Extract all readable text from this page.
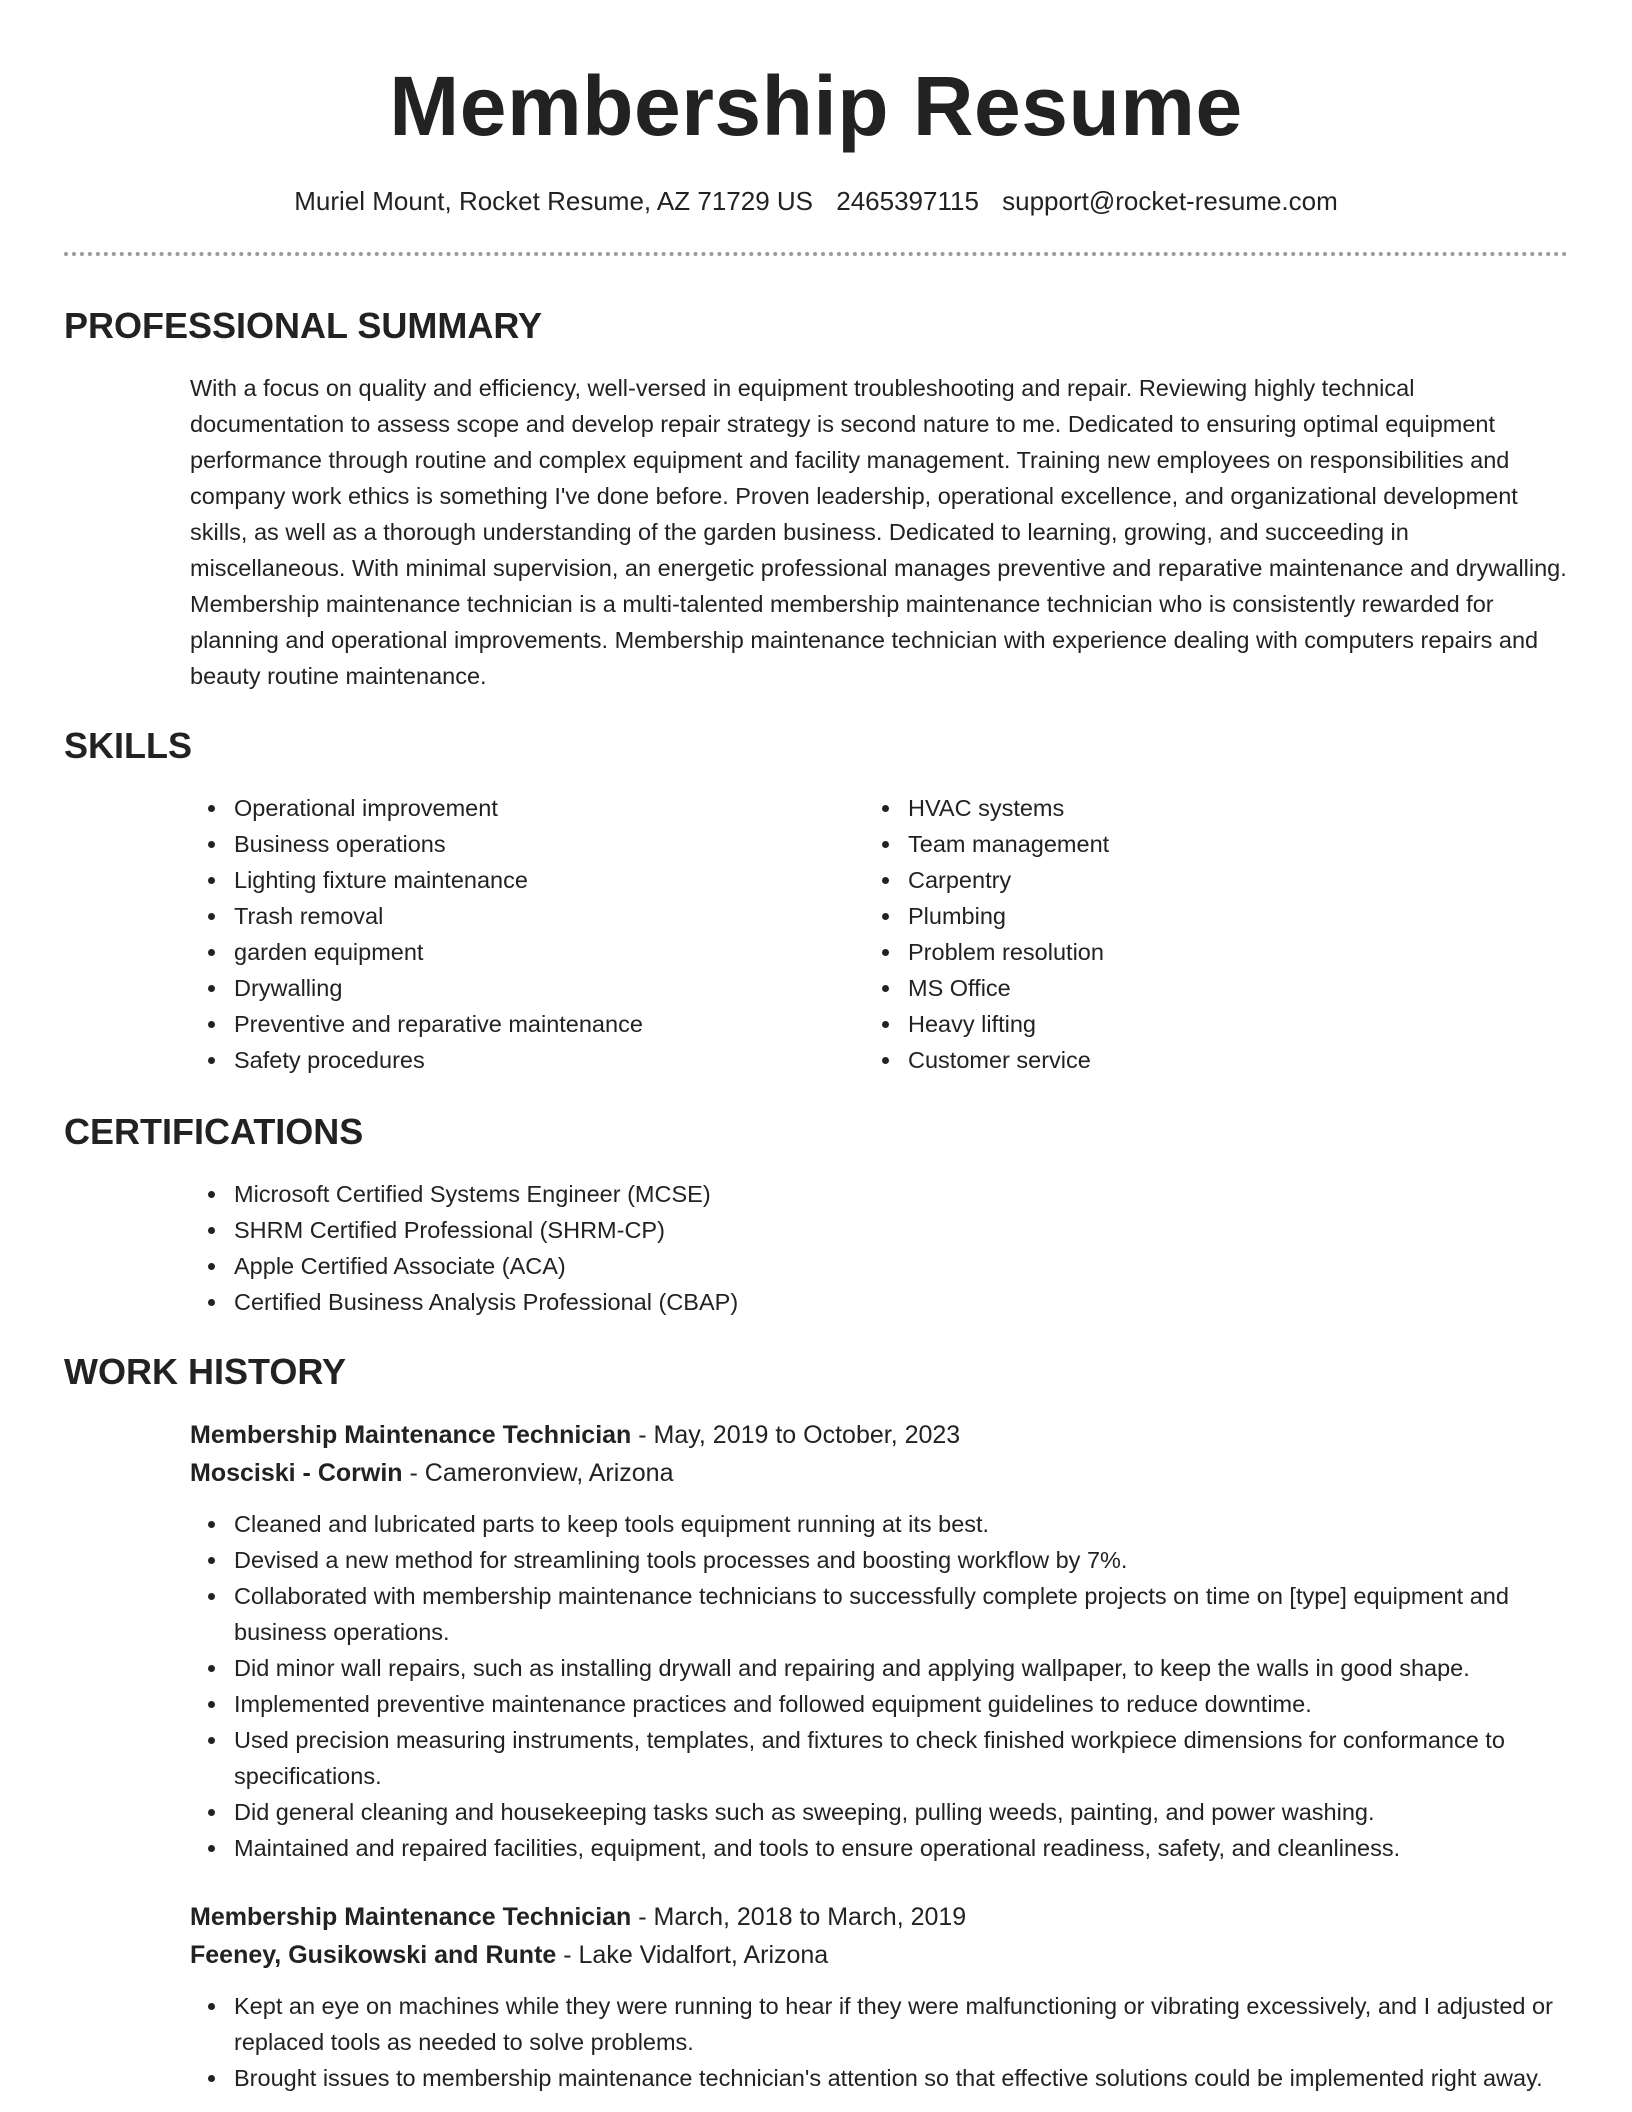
Membership Resume
Muriel Mount, Rocket Resume, AZ 71729 US 2465397115 support@rocket-resume.com
PROFESSIONAL SUMMARY

With a focus on quality and efficiency, well-versed in equipment troubleshooting and repair. Reviewing highly technical documentation to assess scope and develop repair strategy is second nature to me. Dedicated to ensuring optimal equipment performance through routine and complex equipment and facility management. Training new employees on responsibilities and company work ethics is something I've done before. Proven leadership, operational excellence, and organizational development skills, as well as a thorough understanding of the garden business. Dedicated to learning, growing, and succeeding in miscellaneous. With minimal supervision, an energetic professional manages preventive and reparative maintenance and drywalling. Membership maintenance technician is a multi-talented membership maintenance technician who is consistently rewarded for planning and operational improvements. Membership maintenance technician with experience dealing with computers repairs and beauty routine maintenance.

SKILLS
Operational improvement
Business operations
Lighting fixture maintenance
Trash removal
garden equipment
Drywalling
Preventive and reparative maintenance
Safety procedures
HVAC systems
Team management
Carpentry
Plumbing
Problem resolution
MS Office
Heavy lifting
Customer service
CERTIFICATIONS
Microsoft Certified Systems Engineer (MCSE)
SHRM Certified Professional (SHRM-CP)
Apple Certified Associate (ACA)
Certified Business Analysis Professional (CBAP)
WORK HISTORY
Membership Maintenance Technician - May, 2019 to October, 2023
Mosciski - Corwin - Cameronview, Arizona
Cleaned and lubricated parts to keep tools equipment running at its best.
Devised a new method for streamlining tools processes and boosting workflow by 7%.
Collaborated with membership maintenance technicians to successfully complete projects on time on [type] equipment and business operations.
Did minor wall repairs, such as installing drywall and repairing and applying wallpaper, to keep the walls in good shape.
Implemented preventive maintenance practices and followed equipment guidelines to reduce downtime.
Used precision measuring instruments, templates, and fixtures to check finished workpiece dimensions for conformance to specifications.
Did general cleaning and housekeeping tasks such as sweeping, pulling weeds, painting, and power washing.
Maintained and repaired facilities, equipment, and tools to ensure operational readiness, safety, and cleanliness.
Membership Maintenance Technician - March, 2018 to March, 2019
Feeney, Gusikowski and Runte - Lake Vidalfort, Arizona
Kept an eye on machines while they were running to hear if they were malfunctioning or vibrating excessively, and I adjusted or replaced tools as needed to solve problems.
Brought issues to membership maintenance technician's attention so that effective solutions could be implemented right away.
